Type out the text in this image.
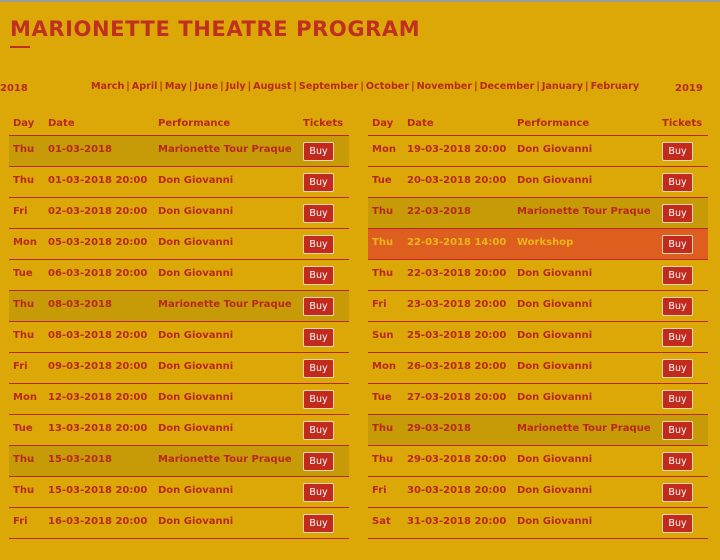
MARIONETTE THEATRE PROGRAM
2018	March | April | May | June | July | August | September | October | November | December | January | February	2019
Day Date	Performance	Tickets
Thu 01-03-2018	Marionette Tour Praque	Buy
Thu 01-03-2018 20:00 Don Giovanni	Buy
Fri 02-03-2018 20:00 Don Giovanni	Buy
Mon 05-03-2018 20:00 Don Giovanni	Buy
Tue 06-03-2018 20:00 Don Giovanni	Buy
Thu 08-03-2018	Marionette Tour Praque	Buy
Thu 08-03-2018 20:00 Don Giovanni	Buy
Fri 09-03-2018 20:00 Don Giovanni	Buy
Mon 12-03-2018 20:00 Don Giovanni	Buy
Tue 13-03-2018 20:00 Don Giovanni	Buy
Thu 15-03-2018	Marionette Tour Praque	Buy
Thu 15-03-2018 20:00 Don Giovanni	Buy
Fri 16-03-2018 20:00 Don Giovanni	Buy
Day Date	Performance	Tickets
Mon 19-03-2018 20:00 Don Giovanni	Buy
Tue 20-03-2018 20:00 Don Giovanni	Buy
Thu 22-03-2018	Marionette Tour Praque	Buy
Thu 22-03-2018 14:00 Workshop	Buy
Thu 22-03-2018 20:00 Don Giovanni	Buy
Fri 23-03-2018 20:00 Don Giovanni	Buy
Sun 25-03-2018 20:00 Don Giovanni	Buy
Mon 26-03-2018 20:00 Don Giovanni	Buy
Tue 27-03-2018 20:00 Don Giovanni	Buy
Thu 29-03-2018	Marionette Tour Praque	Buy
Thu 29-03-2018 20:00 Don Giovanni	Buy
Fri 30-03-2018 20:00 Don Giovanni	Buy
Sat 31-03-2018 20:00 Don Giovanni	Buy
